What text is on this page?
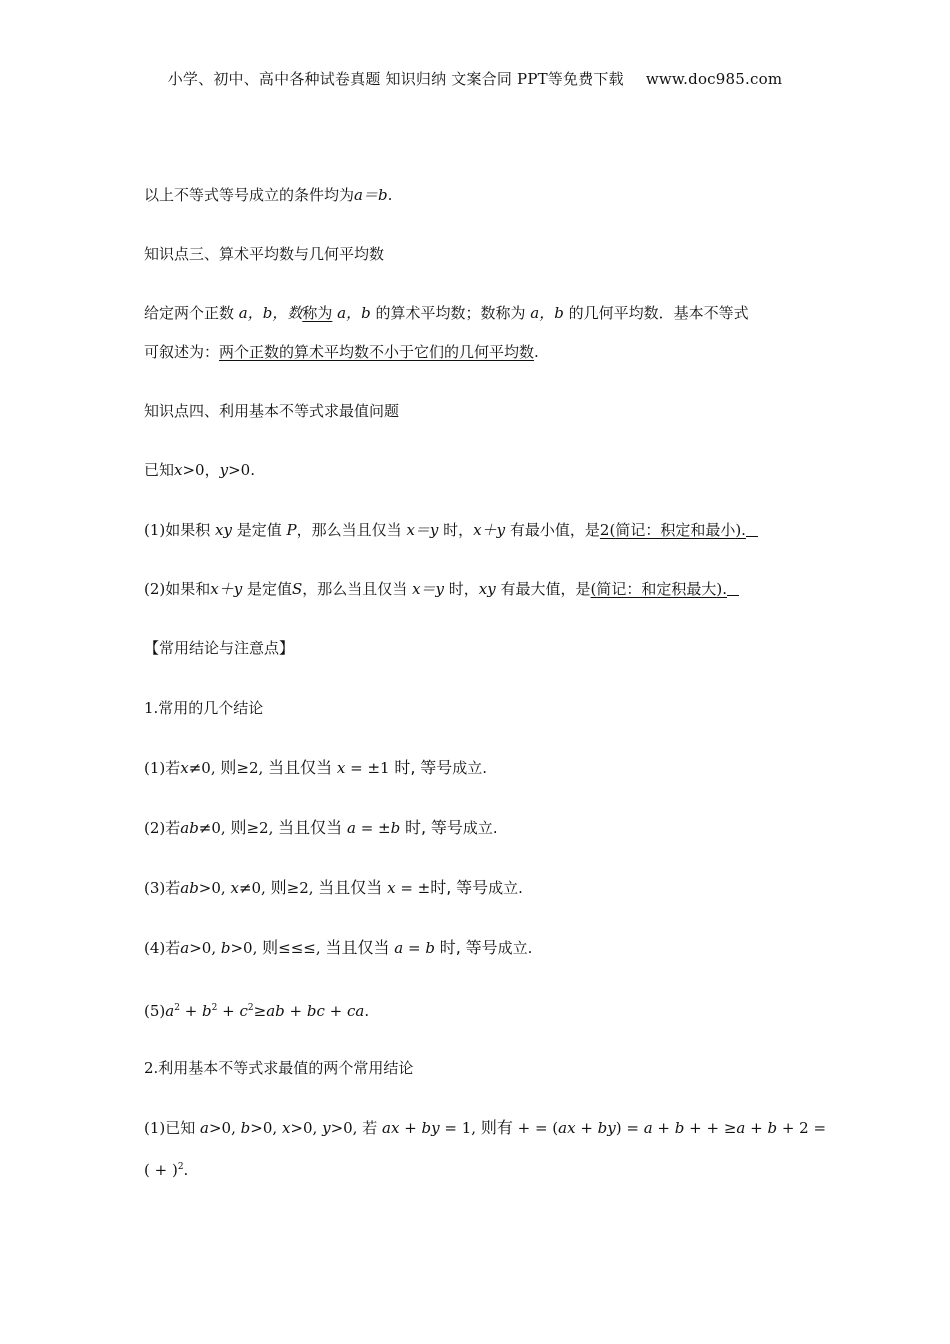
小学、初中、高中各种试卷真题 知识归纳 文案合同 PPT等免费下载 www.doc985.com
以上不等式等号成立的条件均为a＝b.
知识点三、算术平均数与几何平均数
给定两个正数 a，b，数称为 a，b 的算术平均数；数称为 a，b 的几何平均数．基本不等式
可叙述为：两个正数的算术平均数不小于它们的几何平均数.
知识点四、利用基本不等式求最值问题
已知x>0，y>0.
(1)如果积 xy 是定值 P，那么当且仅当 x＝y 时，x＋y 有最小值，是2(简记：积定和最小).
(2)如果和x＋y 是定值S，那么当且仅当 x＝y 时，xy 有最大值，是(简记：和定积最大).
【常用结论与注意点】
1.常用的几个结论
(1)若x≠0, 则≥2, 当且仅当 x = ±1 时, 等号成立.
(2)若ab≠0, 则≥2, 当且仅当 a = ±b 时, 等号成立.
(3)若ab>0, x≠0, 则≥2, 当且仅当 x = ±时, 等号成立.
(4)若a>0, b>0, 则≤≤≤, 当且仅当 a = b 时, 等号成立.
$(5)a^2 + b^2 + c^2\ge ab$ + bc + ca.
2.利用基本不等式求最值的两个常用结论
(1)已知 a>0, b>0, x>0, y>0, 若 ax + by = 1, 则有 + = (ax + by) = a + b + + ≥a + b + 2 =
( + )$^2$.
